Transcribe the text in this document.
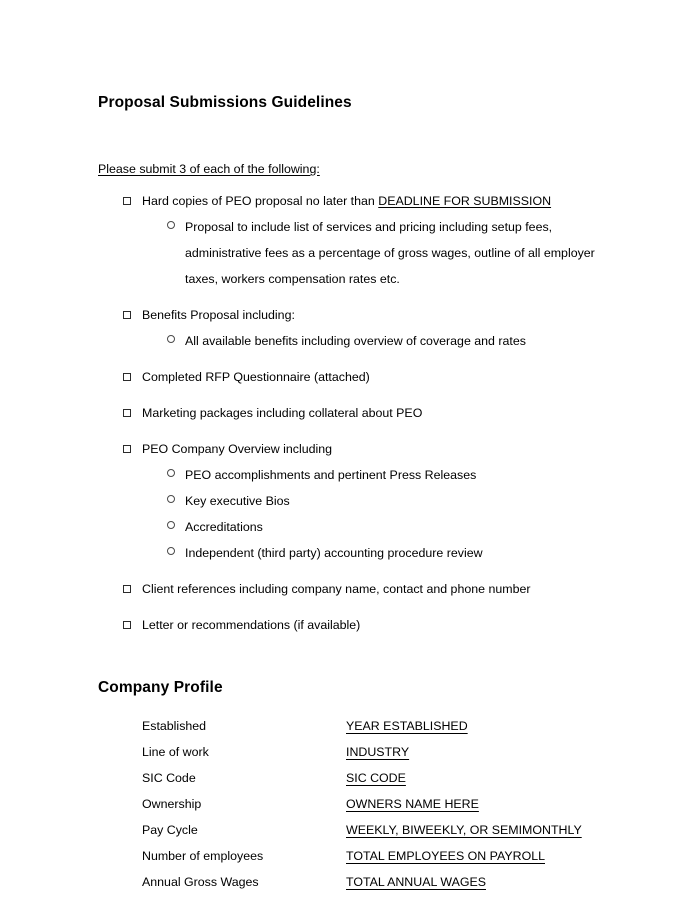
Proposal Submissions Guidelines
Please submit 3 of each of the following:
Hard copies of PEO proposal no later than DEADLINE FOR SUBMISSION
Proposal to include list of services and pricing including setup fees, administrative fees as a percentage of gross wages, outline of all employer taxes, workers compensation rates etc.
Benefits Proposal including:
All available benefits including overview of coverage and rates
Completed RFP Questionnaire (attached)
Marketing packages including collateral about PEO
PEO Company Overview including
PEO accomplishments and pertinent Press Releases
Key executive Bios
Accreditations
Independent (third party) accounting procedure review
Client references including company name, contact and phone number
Letter or recommendations (if available)
Company Profile
Established	YEAR ESTABLISHED
Line of work	INDUSTRY
SIC Code	SIC CODE
Ownership	OWNERS NAME HERE
Pay Cycle	WEEKLY, BIWEEKLY, OR SEMIMONTHLY
Number of employees	TOTAL EMPLOYEES ON PAYROLL
Annual Gross Wages	TOTAL ANNUAL WAGES
